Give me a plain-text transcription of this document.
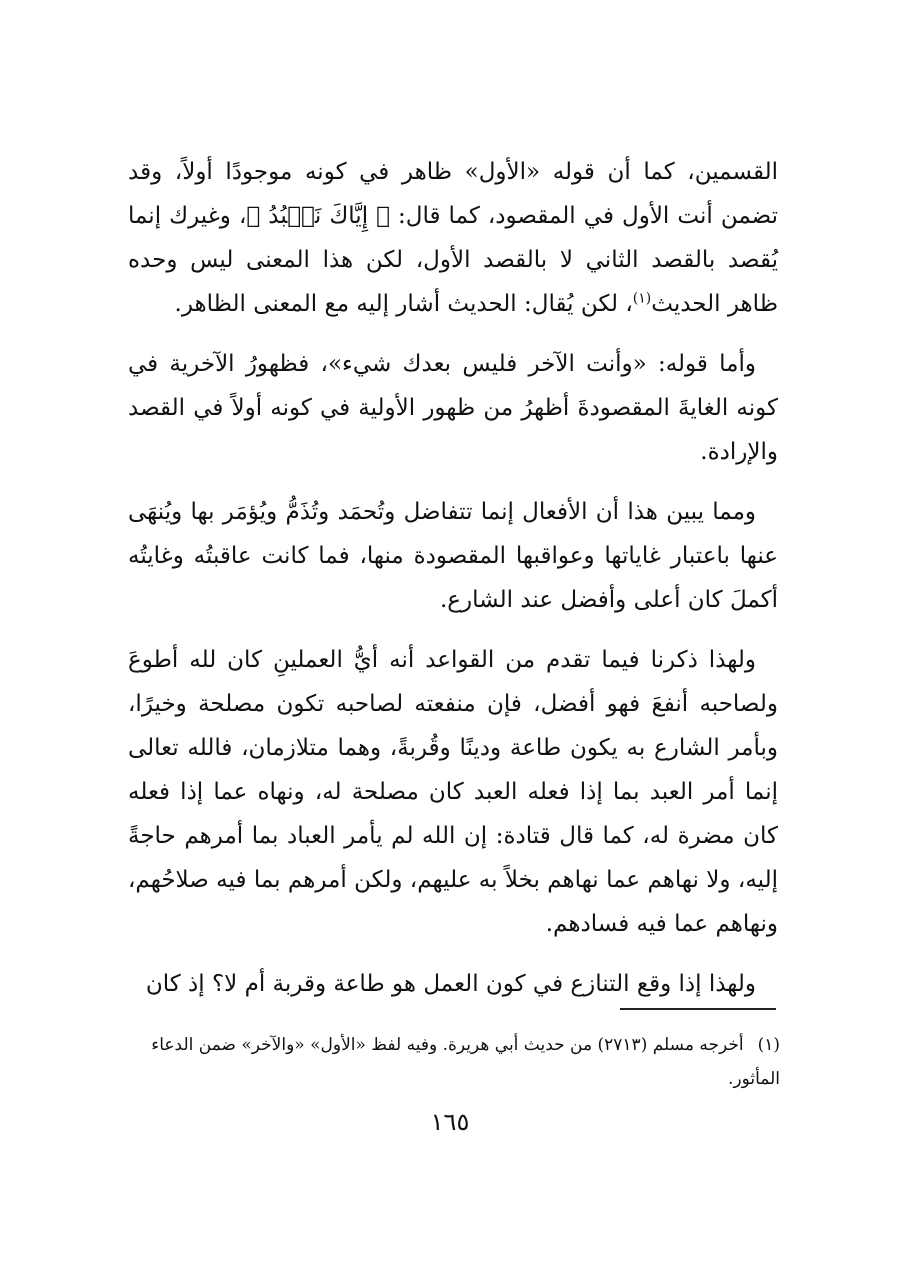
القسمين، كما أن قوله «الأول» ظاهر في كونه موجودًا أولاً، وقد تضمن أنت الأول في المقصود، كما قال: ﴿ إِيَّاكَ نَعۡبُدُ ﴾، وغيرك إنما يُقصد بالقصد الثاني لا بالقصد الأول، لكن هذا المعنى ليس وحده ظاهر الحديث$^{(١)}$، لكن يُقال: الحديث أشار إليه مع المعنى الظاهر.

وأما قوله: «وأنت الآخر فليس بعدك شيء»، فظهورُ الآخرية في كونه الغايةَ المقصودةَ أظهرُ من ظهور الأولية في كونه أولاً في القصد والإرادة.

ومما يبين هذا أن الأفعال إنما تتفاضل وتُحمَد وتُذَمُّ ويُؤمَر بها ويُنهَى عنها باعتبار غاياتها وعواقبها المقصودة منها، فما كانت عاقبتُه وغايتُه أكملَ كان أعلى وأفضل عند الشارع.

ولهذا ذكرنا فيما تقدم من القواعد أنه أيُّ العملينِ كان لله أطوعَ ولصاحبه أنفعَ فهو أفضل، فإن منفعته لصاحبه تكون مصلحة وخيرًا، وبأمر الشارع به يكون طاعة ودينًا وقُربةً، وهما متلازمان، فالله تعالى إنما أمر العبد بما إذا فعله العبد كان مصلحة له، ونهاه عما إذا فعله كان مضرة له، كما قال قتادة: إن الله لم يأمر العباد بما أمرهم حاجةً إليه، ولا نهاهم عما نهاهم بخلاً به عليهم، ولكن أمرهم بما فيه صلاحُهم، ونهاهم عما فيه فسادهم.

ولهذا إذا وقع التنازع في كون العمل هو طاعة وقربة أم لا؟ إذ كان

(١)أخرجه مسلم (٢٧١٣) من حديث أبي هريرة. وفيه لفظ «الأول» «والآخر» ضمن الدعاء المأثور.
١٦٥
